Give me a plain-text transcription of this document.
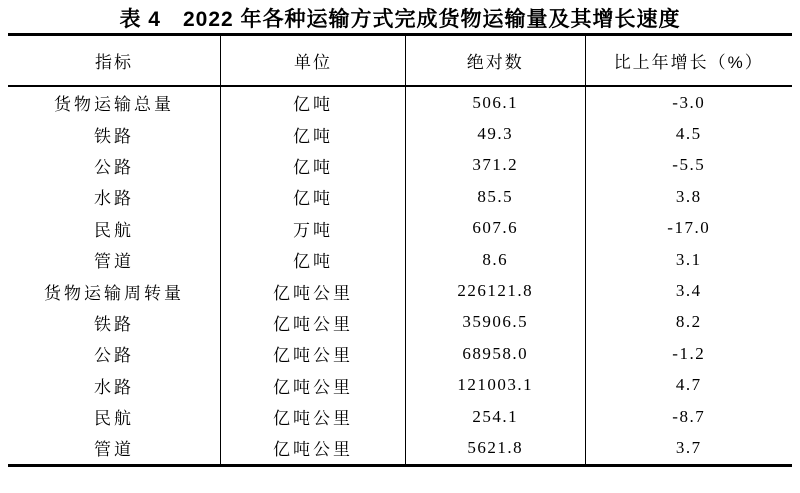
表 4　2022 年各种运输方式完成货物运输量及其增长速度
指标	单位	绝对数	比上年增长（%）
货物运输总量	亿吨	506.1	-3.0
铁路	亿吨	49.3	4.5
公路	亿吨	371.2	-5.5
水路	亿吨	85.5	3.8
民航	万吨	607.6	-17.0
管道	亿吨	8.6	3.1
货物运输周转量	亿吨公里	226121.8	3.4
铁路	亿吨公里	35906.5	8.2
公路	亿吨公里	68958.0	-1.2
水路	亿吨公里	121003.1	4.7
民航	亿吨公里	254.1	-8.7
管道	亿吨公里	5621.8	3.7
